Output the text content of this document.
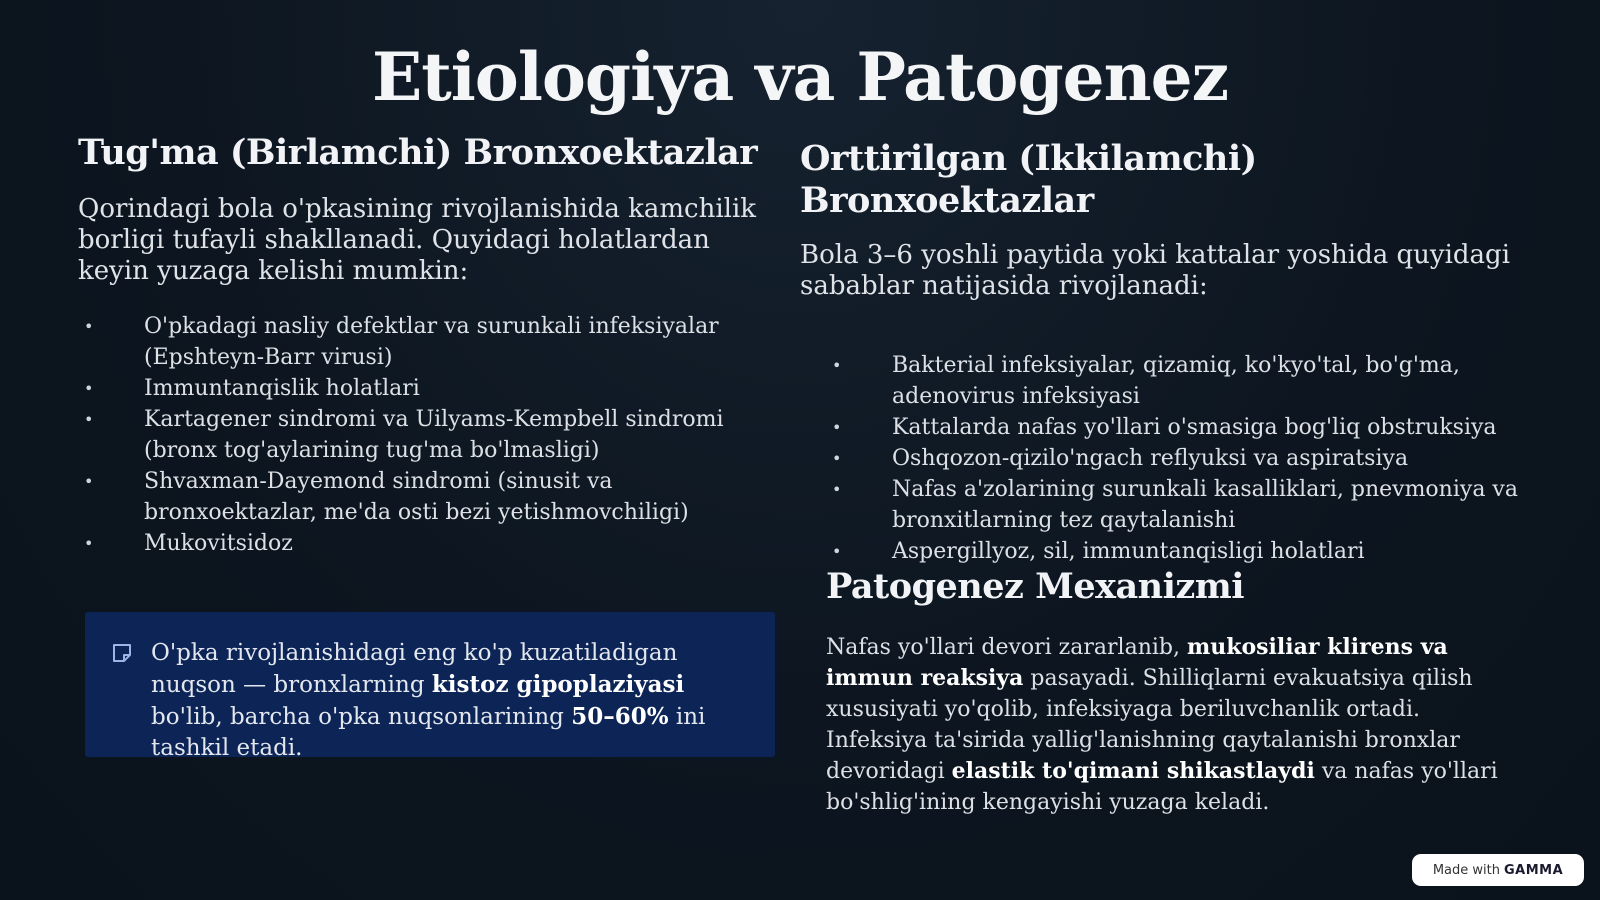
Etiologiya va Patogenez
Tug'ma (Birlamchi) Bronxoektazlar

Qorindagi bola o'pkasining rivojlanishida kamchilik borligi tufayli shakllanadi. Quyidagi holatlardan keyin yuzaga kelishi mumkin:

• O'pkadagi nasliy defektlar va surunkali infeksiyalar (Epshteyn-Barr virusi)
• Immuntanqislik holatlari
• Kartagener sindromi va Uilyams-Kempbell sindromi (bronx tog'aylarining tug'ma bo'lmasligi)
• Shvaxman-Dayemond sindromi (sinusit va bronxoektazlar, me'da osti bezi yetishmovchiligi)
• Mukovitsidoz

O'pka rivojlanishidagi eng ko'p kuzatiladigan nuqson — bronxlarning kistoz gipoplaziyasi bo'lib, barcha o'pka nuqsonlarining 50–60% ini tashkil etadi.

Orttirilgan (Ikkilamchi) Bronxoektazlar

Bola 3–6 yoshli paytida yoki kattalar yoshida quyidagi sabablar natijasida rivojlanadi:

• Bakterial infeksiyalar, qizamiq, ko'kyo'tal, bo'g'ma, adenovirus infeksiyasi
• Kattalarda nafas yo'llari o'smasiga bog'liq obstruksiya
• Oshqozon-qizilo'ngach reflyuksi va aspiratsiya
• Nafas a'zolarining surunkali kasalliklari, pnevmoniya va bronxitlarning tez qaytalanishi
• Aspergillyoz, sil, immuntanqisligi holatlari
Patogenez Mexanizmi

Nafas yo'llari devori zararlanib, mukosiliar klirens va immun reaksiya pasayadi. Shilliqlarni evakuatsiya qilish xususiyati yo'qolib, infeksiyaga beriluvchanlik ortadi. Infeksiya ta'sirida yallig'lanishning qaytalanishi bronxlar devoridagi elastik to'qimani shikastlaydi va nafas yo'llari bo'shlig'ining kengayishi yuzaga keladi.

Made with GAMMA
